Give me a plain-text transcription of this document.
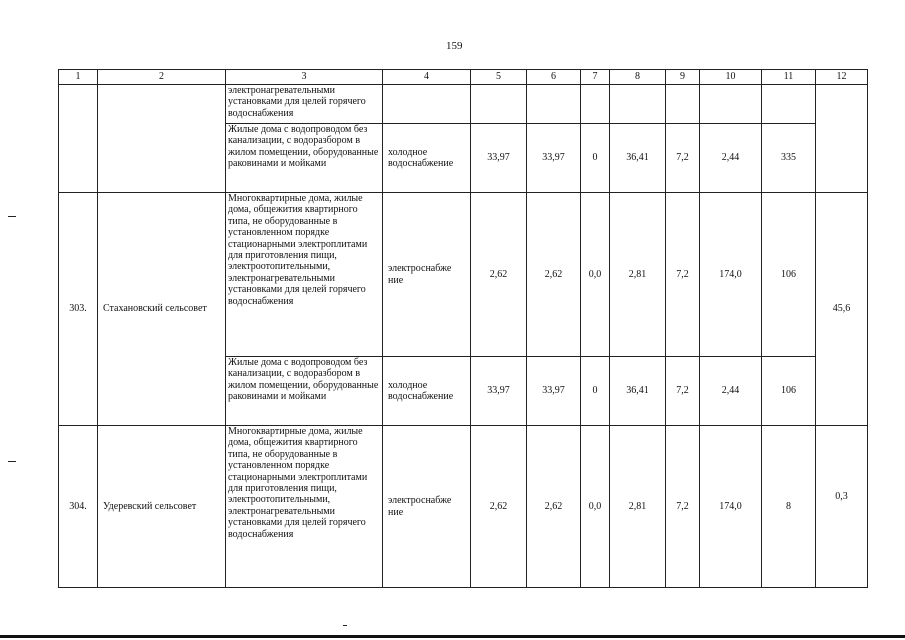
159
1	2	3	4	5	6	7	8	9	10	11	12
		электронагревательными установками для целей горячего водоснабжения									
		Жилые дома с водопроводом без канализации, с водоразбором в жилом помещении, оборудованные раковинами и мойками	холодное водоснабжение	33,97	33,97	0	36,41	7,2	2,44	335	
303.	Стахановский сельсовет	Многоквартирные дома, жилые дома, общежития квартирного типа, не оборудованные в установленном порядке стационарными электроплитами для приготовления пищи, электроотопительными, электронагревательными установками для целей горячего водоснабжения	электроснабже ние	2,62	2,62	0,0	2,81	7,2	174,0	106	45,6
		Жилые дома с водопроводом без канализации, с водоразбором в жилом помещении, оборудованные раковинами и мойками	холодное водоснабжение	33,97	33,97	0	36,41	7,2	2,44	106	
304.	Удеревский сельсовет	Многоквартирные дома, жилые дома, общежития квартирного типа, не оборудованные в установленном порядке стационарными электроплитами для приготовления пищи, электроотопительными, электронагревательными установками для целей горячего водоснабжения	электроснабже ние	2,62	2,62	0,0	2,81	7,2	174,0	8	0,3
